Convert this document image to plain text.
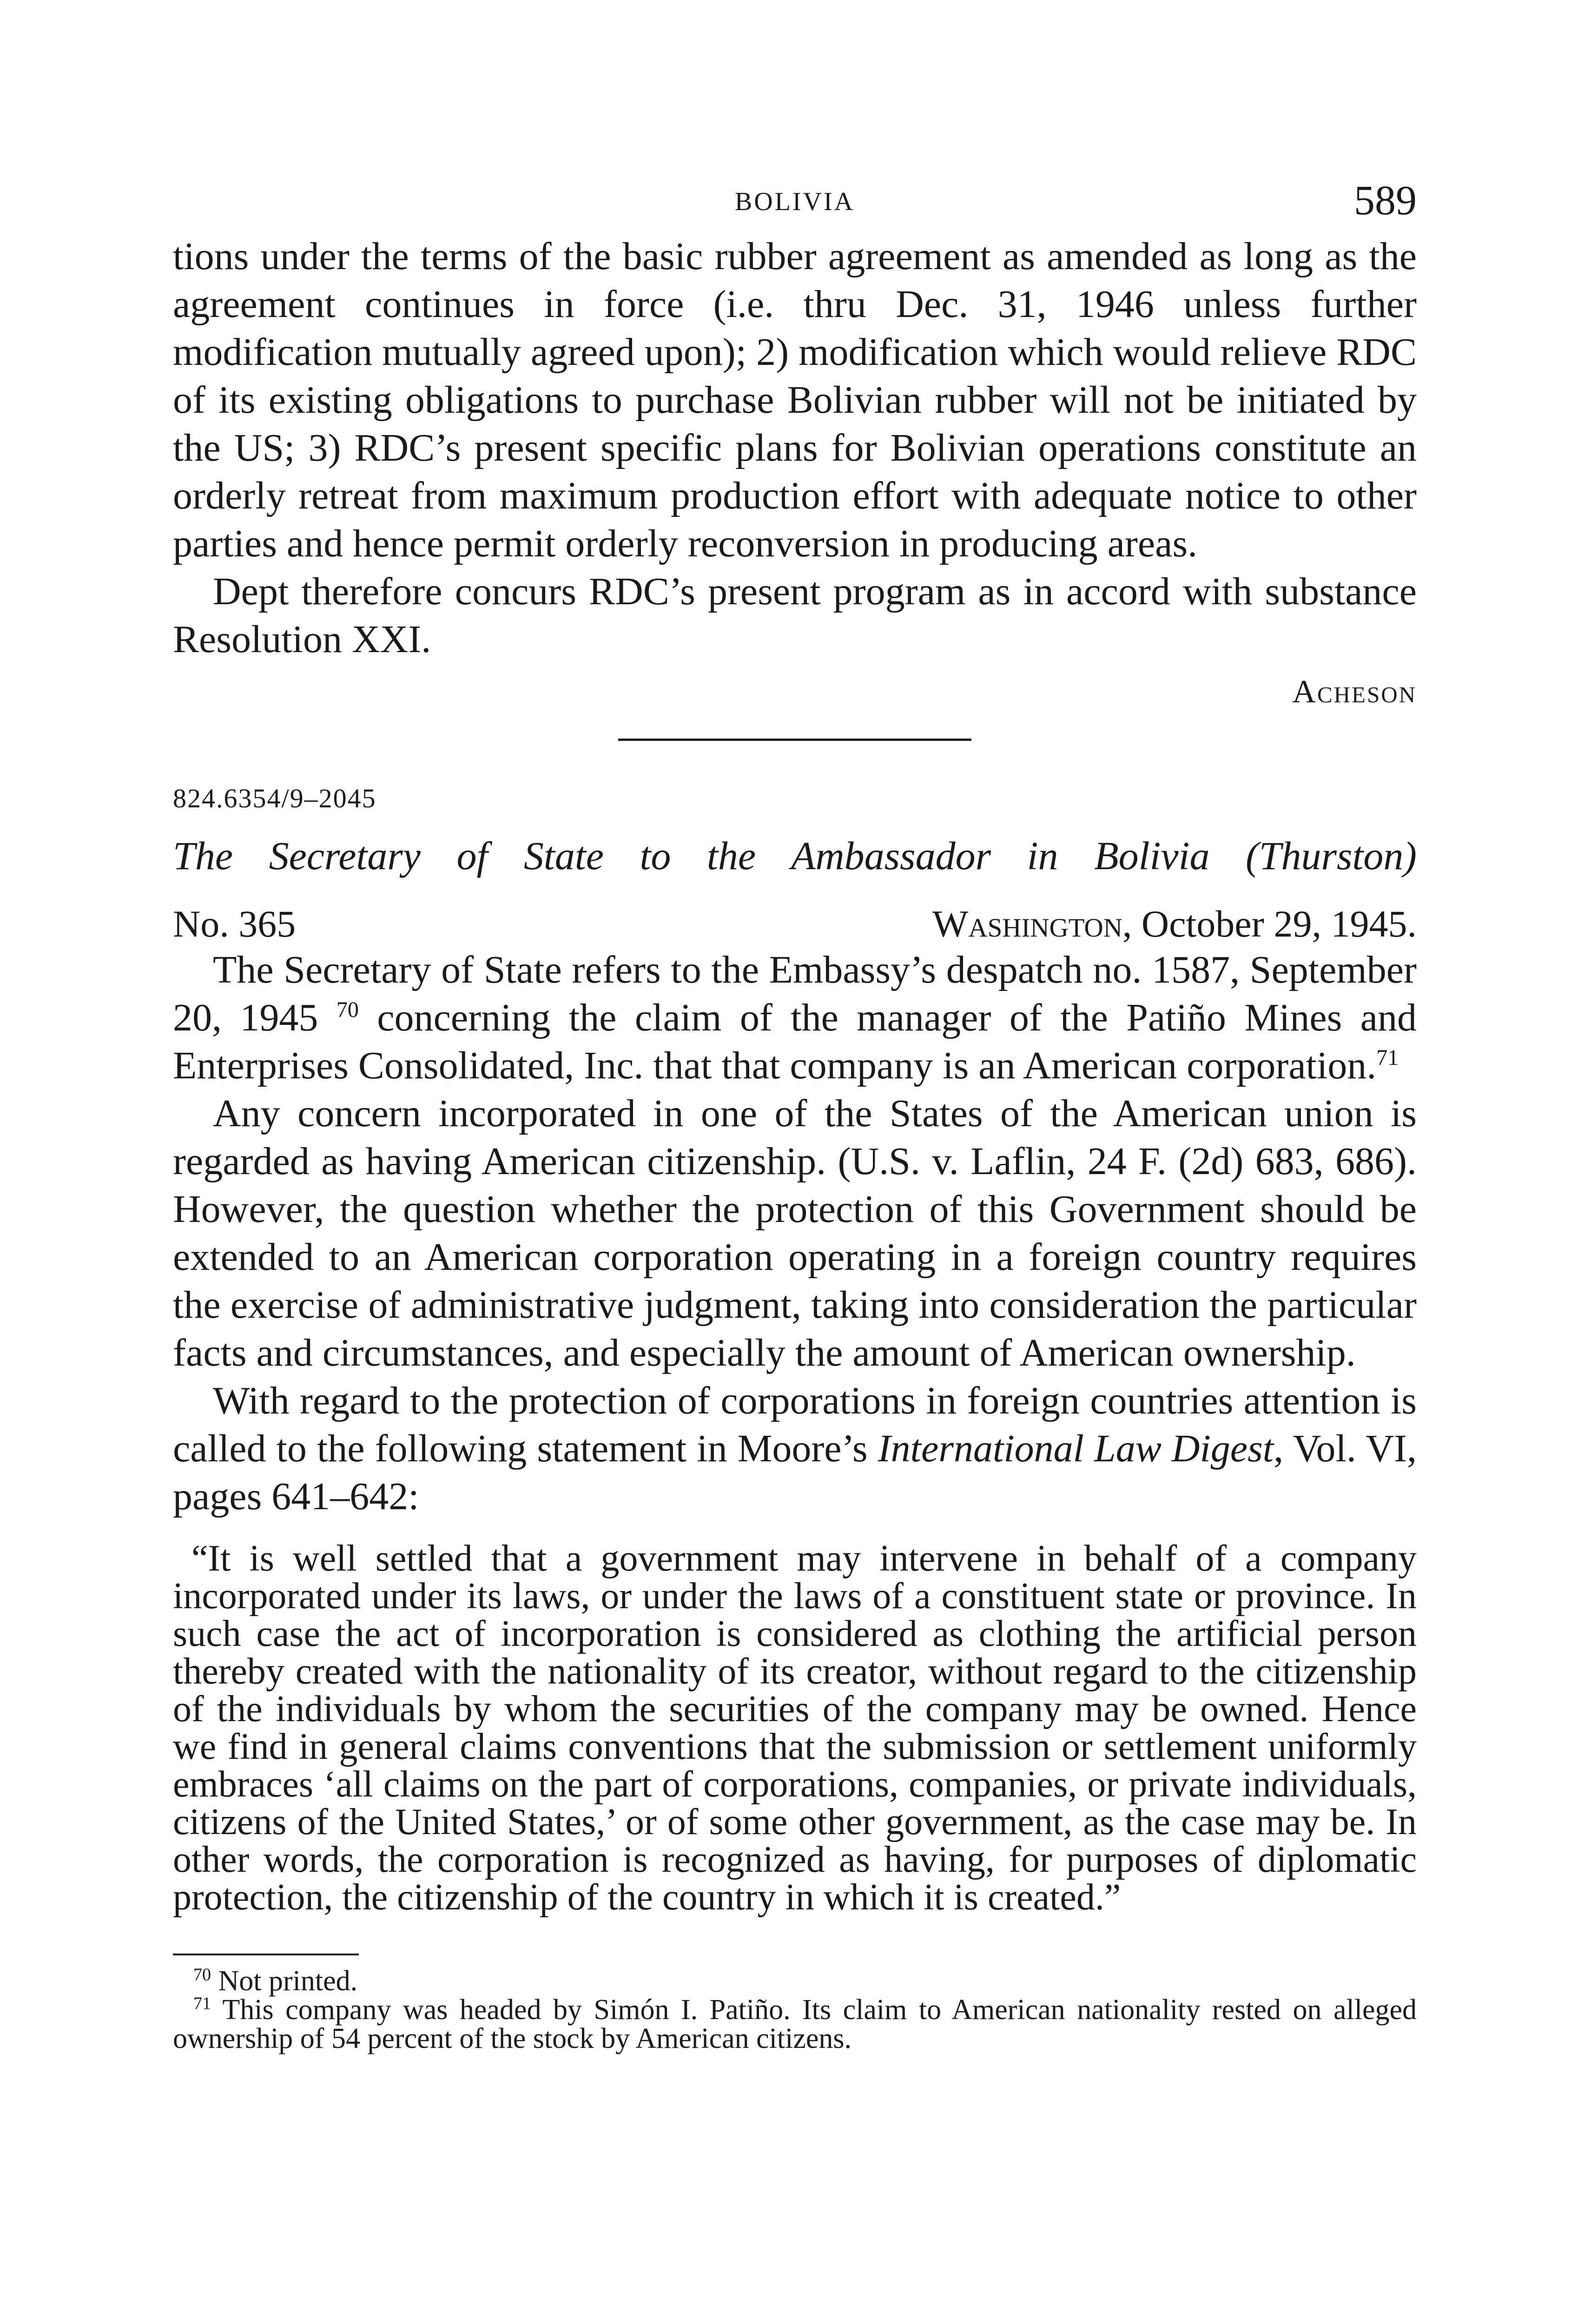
BOLIVIA	589

tions under the terms of the basic rubber agreement as amended as long as the agreement continues in force (i.e. thru Dec. 31, 1946 unless further modification mutually agreed upon); 2) modification which would relieve RDC of its existing obligations to purchase Bolivian rubber will not be initiated by the US; 3) RDC’s present specific plans for Bolivian operations constitute an orderly retreat from maximum production effort with adequate notice to other parties and hence permit orderly reconversion in producing areas.

Dept therefore concurs RDC’s present program as in accord with substance Resolution XXI.

Acheson
824.6354/9–2045
The Secretary of State to the Ambassador in Bolivia (Thurston)
No. 365	Washington, October 29, 1945.

The Secretary of State refers to the Embassy’s despatch no. 1587, September 20, 1945 $^{70}$ concerning the claim of the manager of the Patiño Mines and Enterprises Consolidated, Inc. that that company is an American corporation.$^{71}$

Any concern incorporated in one of the States of the American union is regarded as having American citizenship. (U.S. v. Laflin, 24 F. (2d) 683, 686). However, the question whether the protection of this Government should be extended to an American corporation operating in a foreign country requires the exercise of administrative judgment, taking into consideration the particular facts and circumstances, and especially the amount of American ownership.

With regard to the protection of corporations in foreign countries attention is called to the following statement in Moore’s International Law Digest, Vol. VI, pages 641–642:

“It is well settled that a government may intervene in behalf of a company incorporated under its laws, or under the laws of a constituent state or province. In such case the act of incorporation is considered as clothing the artificial person thereby created with the nationality of its creator, without regard to the citizenship of the individuals by whom the securities of the company may be owned. Hence we find in general claims conventions that the submission or settlement uniformly embraces ‘all claims on the part of corporations, companies, or private individuals, citizens of the United States,’ or of some other government, as the case may be. In other words, the corporation is recognized as having, for purposes of diplomatic protection, the citizenship of the country in which it is created.”

$^{70}$ Not printed.

$^{71}$ This company was headed by Simón I. Patiño. Its claim to American nationality rested on alleged ownership of 54 percent of the stock by American citizens.
